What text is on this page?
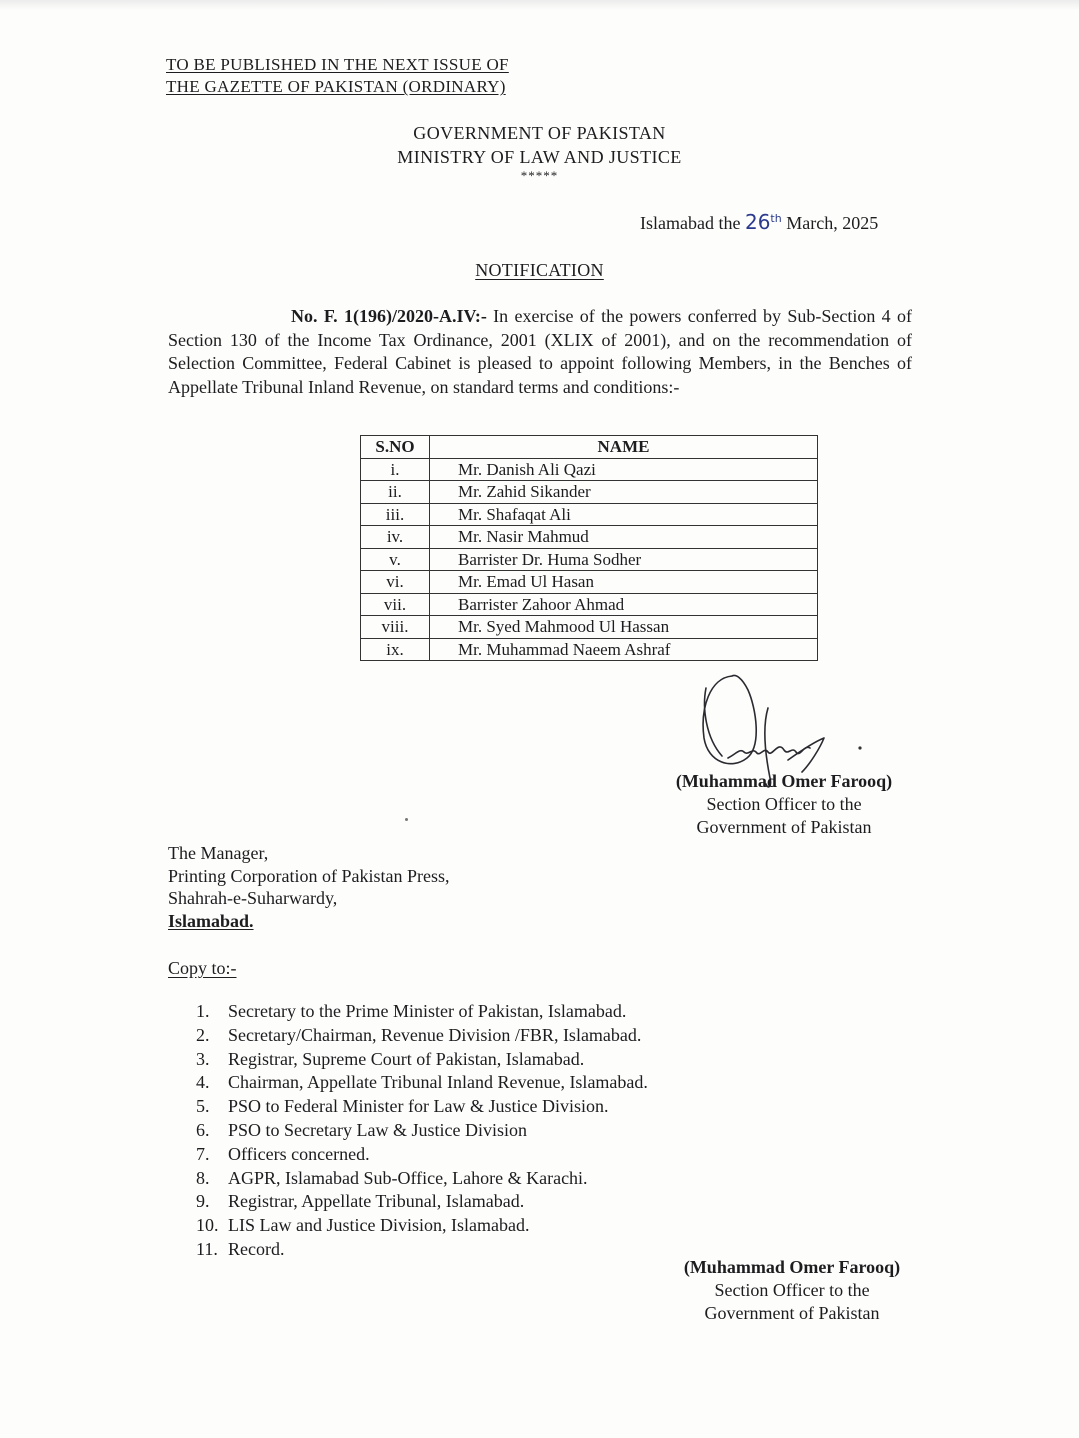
TO BE PUBLISHED IN THE NEXT ISSUE OF
THE GAZETTE OF PAKISTAN (ORDINARY)
GOVERNMENT OF PAKISTAN
MINISTRY OF LAW AND JUSTICE
*****
Islamabad the 26th March, 2025
NOTIFICATION
No. F. 1(196)/2020-A.IV:- In exercise of the powers conferred by Sub-Section 4 of Section 130 of the Income Tax Ordinance, 2001 (XLIX of 2001), and on the recommendation of Selection Committee, Federal Cabinet is pleased to appoint following Members, in the Benches of Appellate Tribunal Inland Revenue, on standard terms and conditions:-
S.NO	NAME
i.	Mr. Danish Ali Qazi
ii.	Mr. Zahid Sikander
iii.	Mr. Shafaqat Ali
iv.	Mr. Nasir Mahmud
v.	Barrister Dr. Huma Sodher
vi.	Mr. Emad Ul Hasan
vii.	Barrister Zahoor Ahmad
viii.	Mr. Syed Mahmood Ul Hassan
ix.	Mr. Muhammad Naeem Ashraf
(Muhammad Omer Farooq)
Section Officer to the
Government of Pakistan
The Manager,
Printing Corporation of Pakistan Press,
Shahrah-e-Suharwardy,
Islamabad.
Copy to:-
1. Secretary to the Prime Minister of Pakistan, Islamabad.
2. Secretary/Chairman, Revenue Division /FBR, Islamabad.
3. Registrar, Supreme Court of Pakistan, Islamabad.
4. Chairman, Appellate Tribunal Inland Revenue, Islamabad.
5. PSO to Federal Minister for Law & Justice Division.
6. PSO to Secretary Law & Justice Division
7. Officers concerned.
8. AGPR, Islamabad Sub-Office, Lahore & Karachi.
9. Registrar, Appellate Tribunal, Islamabad.
10. LIS Law and Justice Division, Islamabad.
11. Record.
(Muhammad Omer Farooq)
Section Officer to the
Government of Pakistan
